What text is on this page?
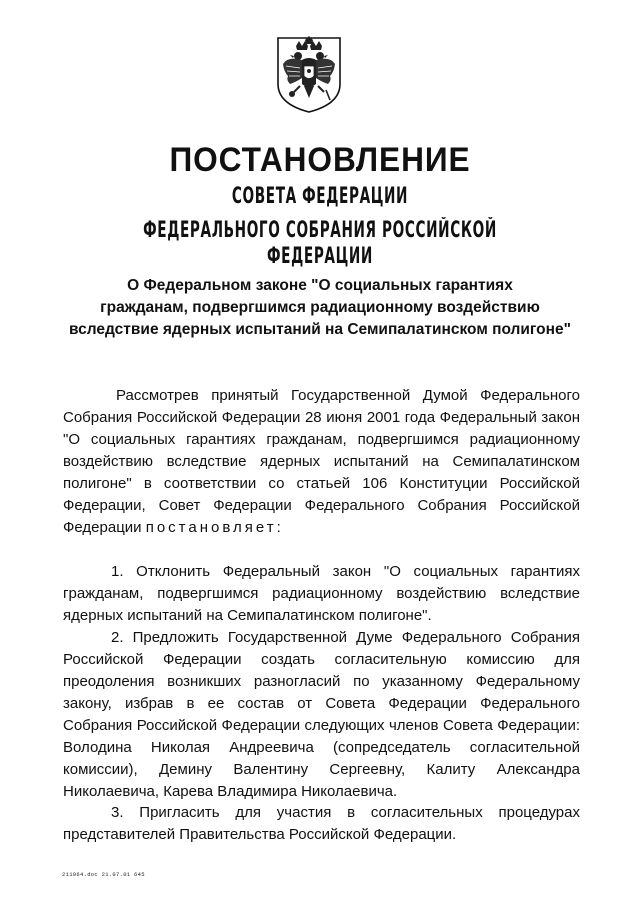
ПОСТАНОВЛЕНИЕ
СОВЕТА ФЕДЕРАЦИИ
ФЕДЕРАЛЬНОГО СОБРАНИЯ РОССИЙСКОЙ ФЕДЕРАЦИИ
О Федеральном законе "О социальных гарантиях
гражданам, подвергшимся радиационному воздействию
вследствие ядерных испытаний на Семипалатинском полигоне"
Рассмотрев принятый Государственной Думой Федерального Собрания Российской Федерации 28 июня 2001 года Федеральный закон "О социальных гарантиях гражданам, подвергшимся радиационному воздействию вследствие ядерных испытаний на Семипалатинском полигоне" в соответствии со статьей 106 Конституции Российской Федерации, Совет Федерации Федерального Собрания Российской Федерации постановляет:
1. Отклонить Федеральный закон "О социальных гарантиях гражданам, подвергшимся радиационному воздействию вследствие ядерных испытаний на Семипалатинском полигоне".
2. Предложить Государственной Думе Федерального Собрания Российской Федерации создать согласительную комиссию для преодоления возникших разногласий по указанному Федеральному закону, избрав в ее состав от Совета Федерации Федерального Собрания Российской Федерации следующих членов Совета Федерации: Володина Николая Андреевича (сопредседатель согласительной комиссии), Демину Валентину Сергеевну, Калиту Александра Николаевича, Карева Владимира Николаевича.
3. Пригласить для участия в согласительных процедурах представителей Правительства Российской Федерации.
211964.doc 21.07.01 645
